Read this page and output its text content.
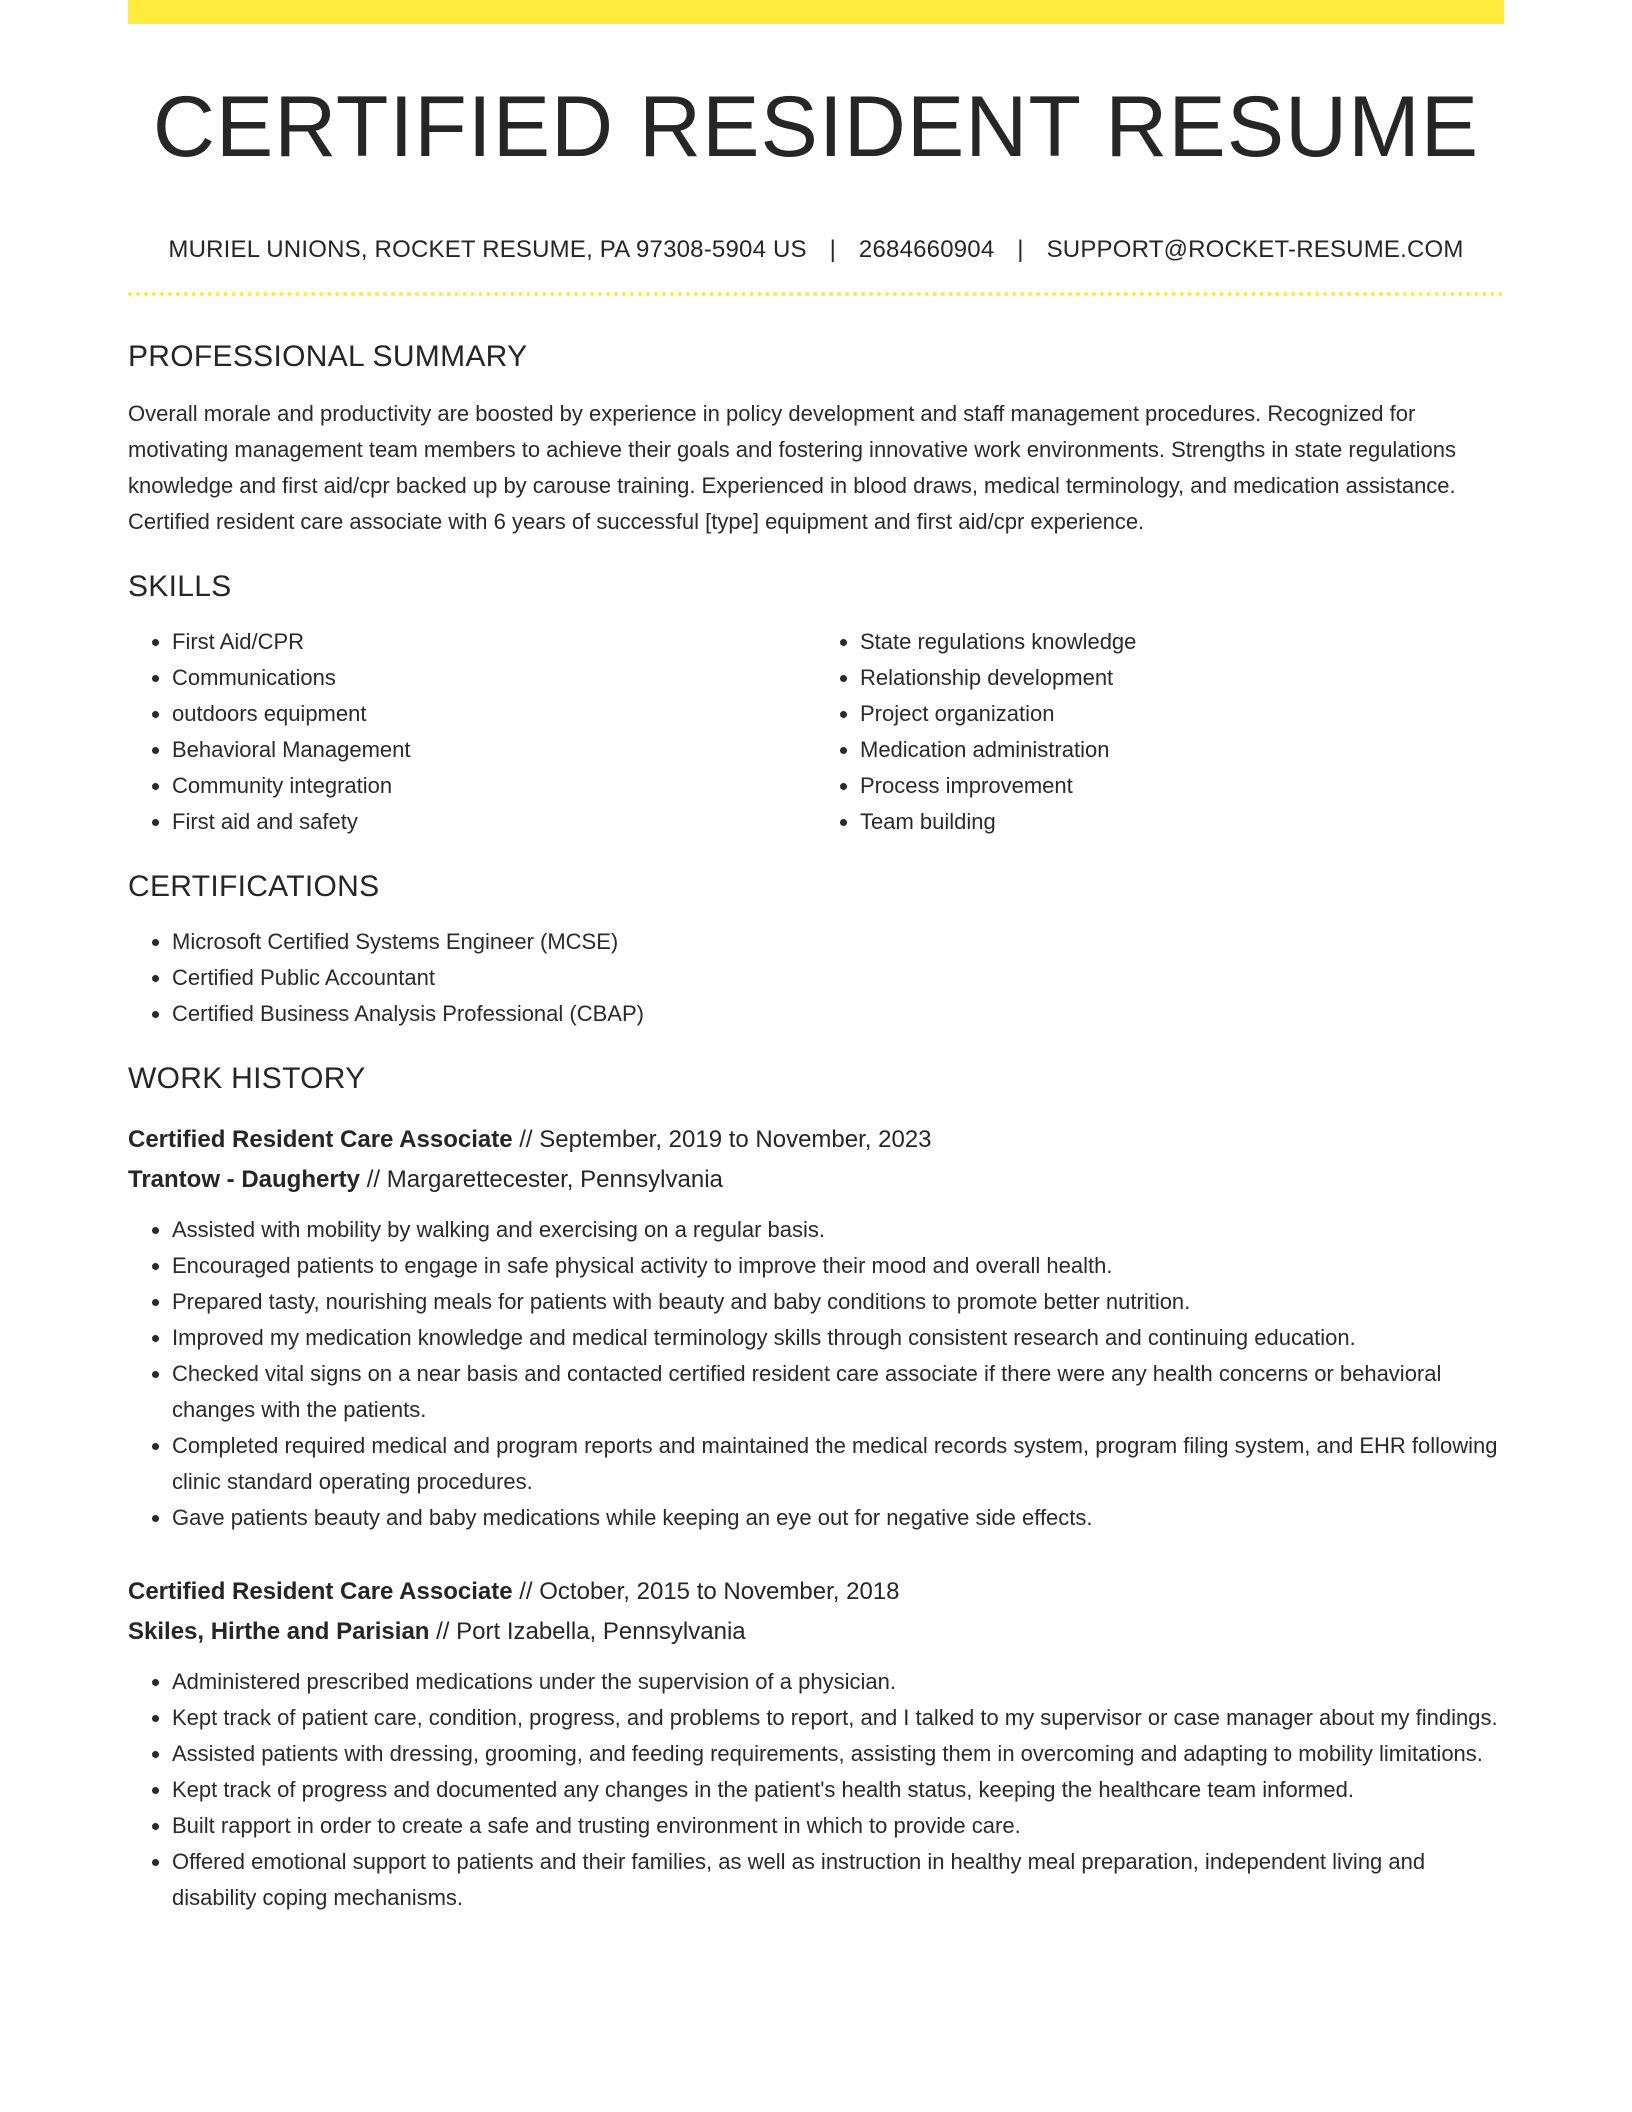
CERTIFIED RESIDENT RESUME
MURIEL UNIONS, ROCKET RESUME, PA 97308-5904 US | 2684660904 | SUPPORT@ROCKET-RESUME.COM
PROFESSIONAL SUMMARY
Overall morale and productivity are boosted by experience in policy development and staff management procedures. Recognized for motivating management team members to achieve their goals and fostering innovative work environments. Strengths in state regulations knowledge and first aid/cpr backed up by carouse training. Experienced in blood draws, medical terminology, and medication assistance. Certified resident care associate with 6 years of successful [type] equipment and first aid/cpr experience.
SKILLS
• First Aid/CPR
• Communications
• outdoors equipment
• Behavioral Management
• Community integration
• First aid and safety
• State regulations knowledge
• Relationship development
• Project organization
• Medication administration
• Process improvement
• Team building
CERTIFICATIONS
• Microsoft Certified Systems Engineer (MCSE)
• Certified Public Accountant
• Certified Business Analysis Professional (CBAP)
WORK HISTORY
Certified Resident Care Associate // September, 2019 to November, 2023
Trantow - Daugherty // Margarettecester, Pennsylvania
• Assisted with mobility by walking and exercising on a regular basis.
• Encouraged patients to engage in safe physical activity to improve their mood and overall health.
• Prepared tasty, nourishing meals for patients with beauty and baby conditions to promote better nutrition.
• Improved my medication knowledge and medical terminology skills through consistent research and continuing education.
• Checked vital signs on a near basis and contacted certified resident care associate if there were any health concerns or behavioral changes with the patients.
• Completed required medical and program reports and maintained the medical records system, program filing system, and EHR following clinic standard operating procedures.
• Gave patients beauty and baby medications while keeping an eye out for negative side effects.
Certified Resident Care Associate // October, 2015 to November, 2018
Skiles, Hirthe and Parisian // Port Izabella, Pennsylvania
• Administered prescribed medications under the supervision of a physician.
• Kept track of patient care, condition, progress, and problems to report, and I talked to my supervisor or case manager about my findings.
• Assisted patients with dressing, grooming, and feeding requirements, assisting them in overcoming and adapting to mobility limitations.
• Kept track of progress and documented any changes in the patient's health status, keeping the healthcare team informed.
• Built rapport in order to create a safe and trusting environment in which to provide care.
• Offered emotional support to patients and their families, as well as instruction in healthy meal preparation, independent living and disability coping mechanisms.
